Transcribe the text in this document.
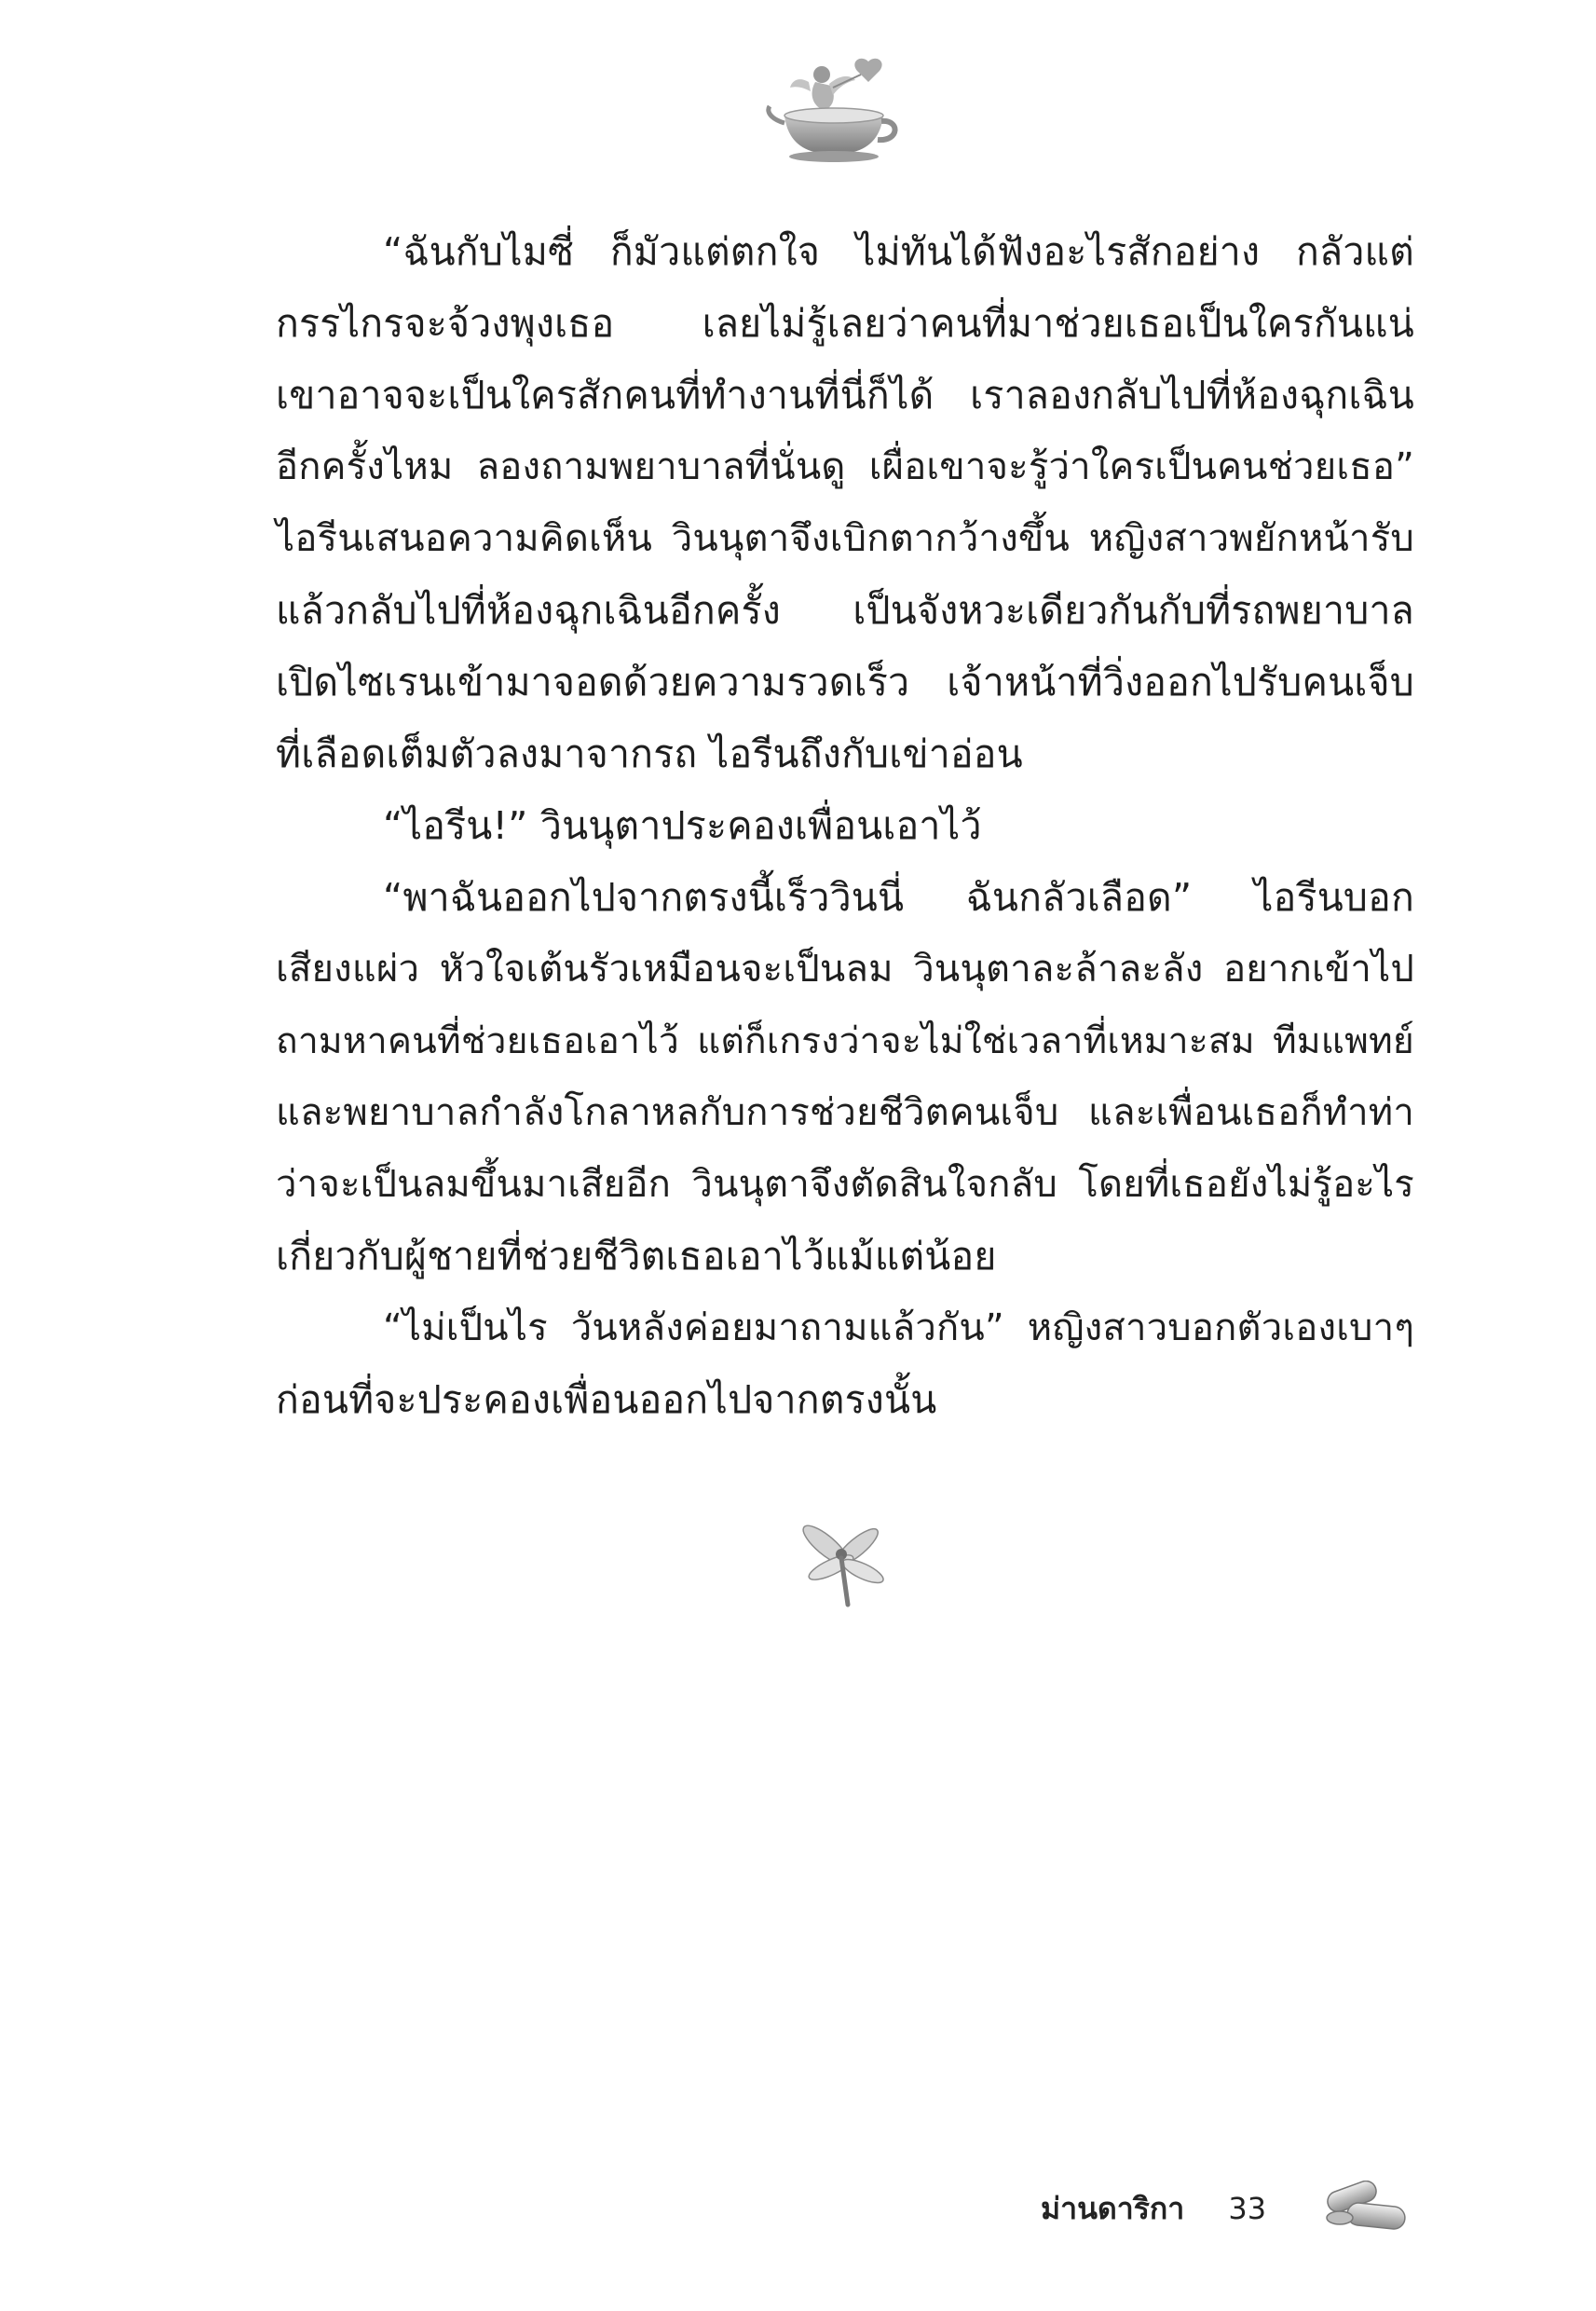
“ฉันกับไมซี่ ก็มัวแต่ตกใจ ไม่ทันได้ฟังอะไรสักอย่าง กลัวแต่
กรรไกรจะจ้วงพุงเธอ เลยไม่รู้เลยว่าคนที่มาช่วยเธอเป็นใครกันแน่
เขาอาจจะเป็นใครสักคนที่ทำงานที่นี่ก็ได้ เราลองกลับไปที่ห้องฉุกเฉิน
อีกครั้งไหม ลองถามพยาบาลที่นั่นดู เผื่อเขาจะรู้ว่าใครเป็นคนช่วยเธอ”
ไอรีนเสนอความคิดเห็น วินนุตาจึงเบิกตากว้างขึ้น หญิงสาวพยักหน้ารับ
แล้วกลับไปที่ห้องฉุกเฉินอีกครั้ง เป็นจังหวะเดียวกันกับที่รถพยาบาล
เปิดไซเรนเข้ามาจอดด้วยความรวดเร็ว เจ้าหน้าที่วิ่งออกไปรับคนเจ็บ
ที่เลือดเต็มตัวลงมาจากรถ ไอรีนถึงกับเข่าอ่อน
“ไอรีน!” วินนุตาประคองเพื่อนเอาไว้
“พาฉันออกไปจากตรงนี้เร็ววินนี่ ฉันกลัวเลือด” ไอรีนบอก
เสียงแผ่ว หัวใจเต้นรัวเหมือนจะเป็นลม วินนุตาละล้าละลัง อยากเข้าไป
ถามหาคนที่ช่วยเธอเอาไว้ แต่ก็เกรงว่าจะไม่ใช่เวลาที่เหมาะสม ทีมแพทย์
และพยาบาลกำลังโกลาหลกับการช่วยชีวิตคนเจ็บ และเพื่อนเธอก็ทำท่า
ว่าจะเป็นลมขึ้นมาเสียอีก วินนุตาจึงตัดสินใจกลับ โดยที่เธอยังไม่รู้อะไร
เกี่ยวกับผู้ชายที่ช่วยชีวิตเธอเอาไว้แม้แต่น้อย
“ไม่เป็นไร วันหลังค่อยมาถามแล้วกัน” หญิงสาวบอกตัวเองเบาๆ
ก่อนที่จะประคองเพื่อนออกไปจากตรงนั้น
ม่านดาริกา 33
